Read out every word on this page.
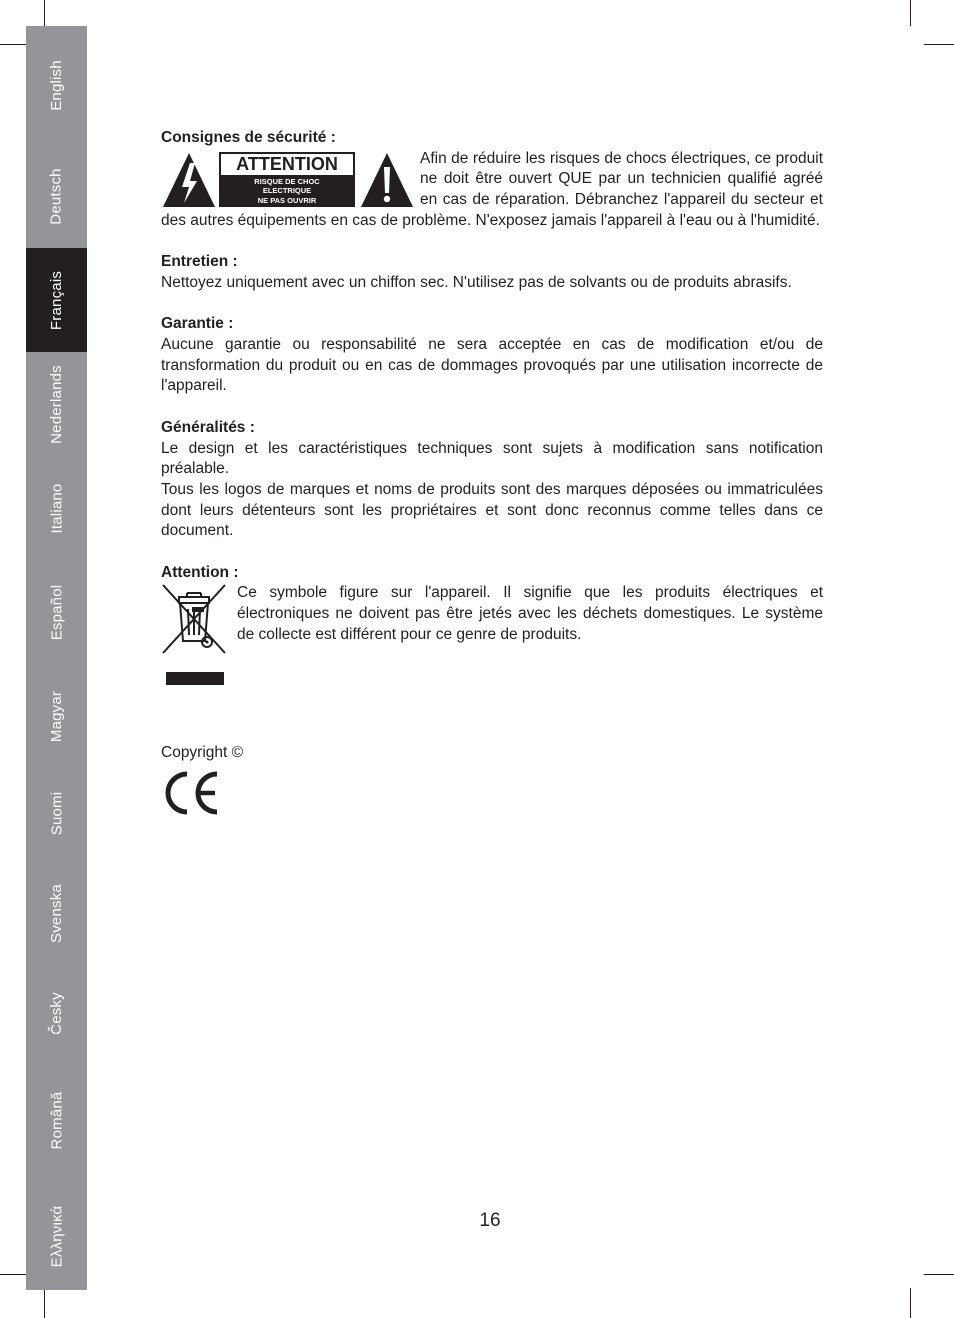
English
Deutsch
Français
Nederlands
Italiano
Español
Magyar
Suomi
Svenska
Česky
Română
Ελληνικά

Consignes de sécurité :

ATTENTION
RISQUE DE CHOC
ELECTRIQUE
NE PAS OUVRIR

Afin de réduire les risques de chocs électriques, ce produit ne doit être ouvert QUE par un technicien qualifié agréé en cas de réparation. Débranchez l'appareil du secteur et des autres équipements en cas de problème. N'exposez jamais l'appareil à l'eau ou à l'humidité.

Entretien :

Nettoyez uniquement avec un chiffon sec. N'utilisez pas de solvants ou de produits abrasifs.

Garantie :

Aucune garantie ou responsabilité ne sera acceptée en cas de modification et/ou de transformation du produit ou en cas de dommages provoqués par une utilisation incorrecte de l'appareil.

Généralités :

Le design et les caractéristiques techniques sont sujets à modification sans notification préalable.

Tous les logos de marques et noms de produits sont des marques déposées ou immatriculées dont leurs détenteurs sont les propriétaires et sont donc reconnus comme telles dans ce document.

Attention :

Ce symbole figure sur l'appareil. Il signifie que les produits électriques et électroniques ne doivent pas être jetés avec les déchets domestiques. Le système de collecte est différent pour ce genre de produits.

Copyright ©

16
